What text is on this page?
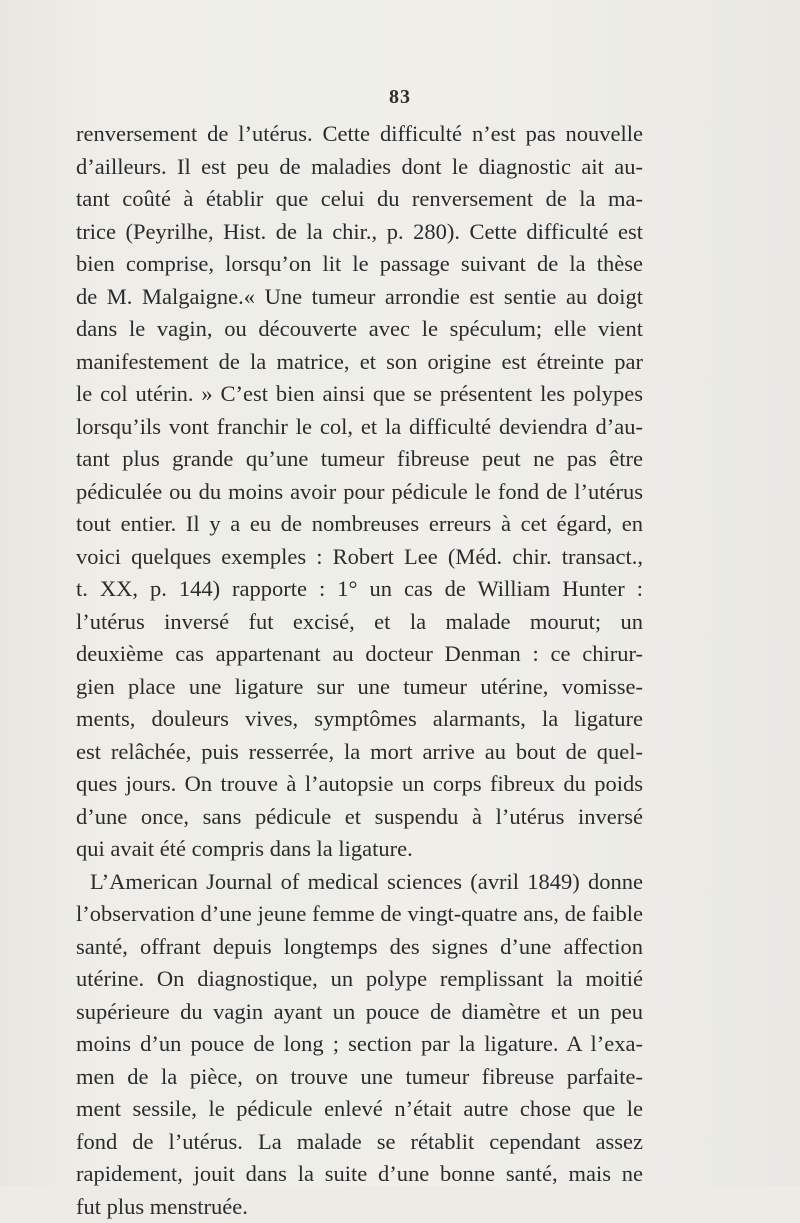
83
renversement de l’utérus. Cette difficulté n’est pas nouvelle
d’ailleurs. Il est peu de maladies dont le diagnostic ait au-
tant coûté à établir que celui du renversement de la ma-
trice (Peyrilhe, Hist. de la chir., p. 280). Cette difficulté est
bien comprise, lorsqu’on lit le passage suivant de la thèse
de M. Malgaigne.« Une tumeur arrondie est sentie au doigt
dans le vagin, ou découverte avec le spéculum; elle vient
manifestement de la matrice, et son origine est étreinte par
le col utérin. » C’est bien ainsi que se présentent les polypes
lorsqu’ils vont franchir le col, et la difficulté deviendra d’au-
tant plus grande qu’une tumeur fibreuse peut ne pas être
pédiculée ou du moins avoir pour pédicule le fond de l’utérus
tout entier. Il y a eu de nombreuses erreurs à cet égard, en
voici quelques exemples : Robert Lee (Méd. chir. transact.,
t. XX, p. 144) rapporte : 1° un cas de William Hunter :
l’utérus inversé fut excisé, et la malade mourut; un
deuxième cas appartenant au docteur Denman : ce chirur-
gien place une ligature sur une tumeur utérine, vomisse-
ments, douleurs vives, symptômes alarmants, la ligature
est relâchée, puis resserrée, la mort arrive au bout de quel-
ques jours. On trouve à l’autopsie un corps fibreux du poids
d’une once, sans pédicule et suspendu à l’utérus inversé
qui avait été compris dans la ligature.
L’American Journal of medical sciences (avril 1849) donne
l’observation d’une jeune femme de vingt-quatre ans, de faible
santé, offrant depuis longtemps des signes d’une affection
utérine. On diagnostique, un polype remplissant la moitié
supérieure du vagin ayant un pouce de diamètre et un peu
moins d’un pouce de long ; section par la ligature. A l’exa-
men de la pièce, on trouve une tumeur fibreuse parfaite-
ment sessile, le pédicule enlevé n’était autre chose que le
fond de l’utérus. La malade se rétablit cependant assez
rapidement, jouit dans la suite d’une bonne santé, mais ne
fut plus menstruée.
